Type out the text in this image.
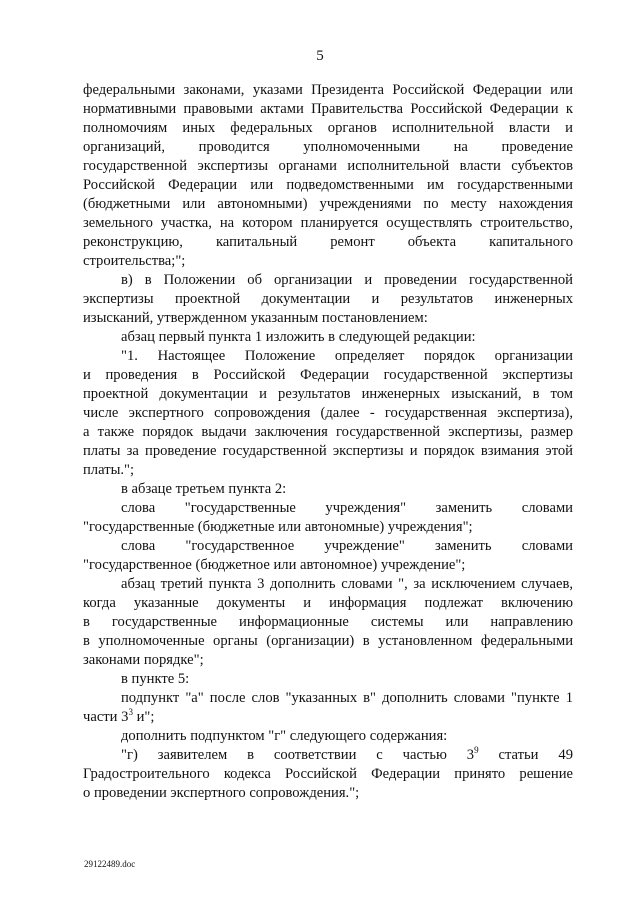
5
федеральными законами, указами Президента Российской Федерации или
нормативными правовыми актами Правительства Российской Федерации к
полномочиям иных федеральных органов исполнительной власти и
организаций, проводится уполномоченными на проведение
государственной экспертизы органами исполнительной власти субъектов
Российской Федерации или подведомственными им государственными
(бюджетными или автономными) учреждениями по месту нахождения
земельного участка, на котором планируется осуществлять строительство,
реконструкцию, капитальный ремонт объекта капитального
строительства;";
в) в Положении об организации и проведении государственной
экспертизы проектной документации и результатов инженерных
изысканий, утвержденном указанным постановлением:
абзац первый пункта 1 изложить в следующей редакции:
"1. Настоящее Положение определяет порядок организации
и проведения в Российской Федерации государственной экспертизы
проектной документации и результатов инженерных изысканий, в том
числе экспертного сопровождения (далее - государственная экспертиза),
а также порядок выдачи заключения государственной экспертизы, размер
платы за проведение государственной экспертизы и порядок взимания этой
платы.";
в абзаце третьем пункта 2:
слова "государственные учреждения" заменить словами
"государственные (бюджетные или автономные) учреждения";
слова "государственное учреждение" заменить словами
"государственное (бюджетное или автономное) учреждение";
абзац третий пункта 3 дополнить словами ", за исключением случаев,
когда указанные документы и информация подлежат включению
в государственные информационные системы или направлению
в уполномоченные органы (организации) в установленном федеральными
законами порядке";
в пункте 5:
подпункт "а" после слов "указанных в" дополнить словами "пункте 1
части $3^3$ и";
дополнить подпунктом "г" следующего содержания:
"г) заявителем в соответствии с частью $3^9$ статьи 49
Градостроительного кодекса Российской Федерации принято решение
о проведении экспертного сопровождения.";
29122489.doc
